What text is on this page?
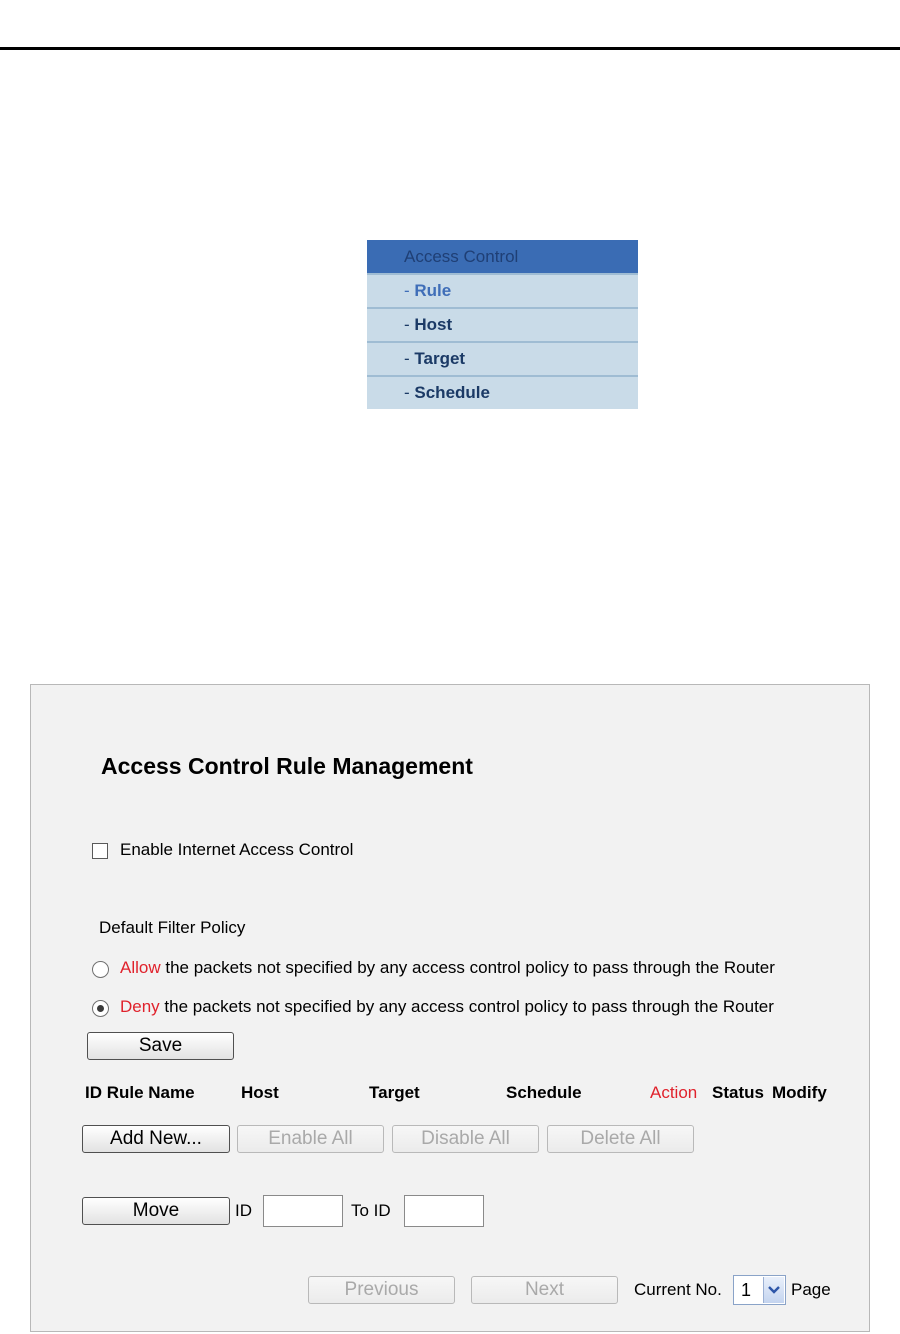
Access Control
- Rule
- Host
- Target
- Schedule
Access Control Rule Management
Enable Internet Access Control
Default Filter Policy
Allow the packets not specified by any access control policy to pass through the Router
Deny the packets not specified by any access control policy to pass through the Router
Save
ID Rule Name	Host	Target	Schedule	Action Status Modify
Add New...	Enable All	Disable All	Delete All
Move	ID	To ID
Previous	Next	Current No. 1 Page
